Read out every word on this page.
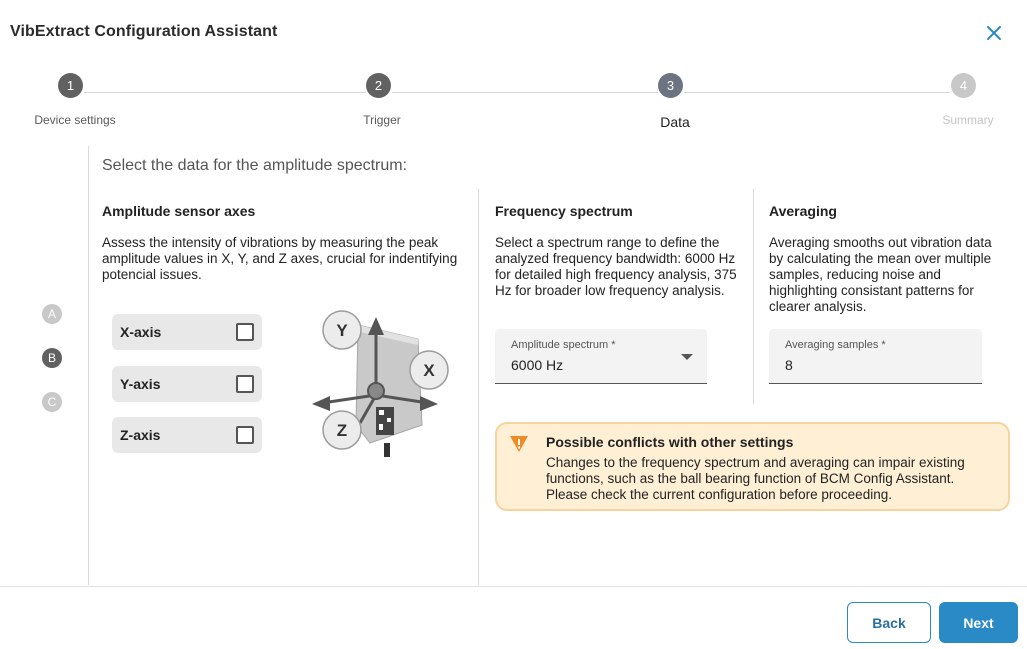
VibExtract Configuration Assistant
1	2	3	4
Device settings	Trigger	Data	Summary
A
B
C
Select the data for the amplitude spectrum:
Amplitude sensor axes
Assess the intensity of vibrations by measuring the peak amplitude values in X, Y, and Z axes, crucial for indentifying potencial issues.
X-axis
Y-axis
Z-axis
Y
X
Z
Frequency spectrum
Select a spectrum range to define the analyzed frequency bandwidth: 6000 Hz for detailed high frequency analysis, 375 Hz for broader low frequency analysis.
Amplitude spectrum *
6000 Hz
Averaging
Averaging smooths out vibration data by calculating the mean over multiple samples, reducing noise and highlighting consistant patterns for clearer analysis.
Averaging samples *
8
Possible conflicts with other settings
Changes to the frequency spectrum and averaging can impair existing functions, such as the ball bearing function of BCM Config Assistant. Please check the current configuration before proceeding.
Back	Next
